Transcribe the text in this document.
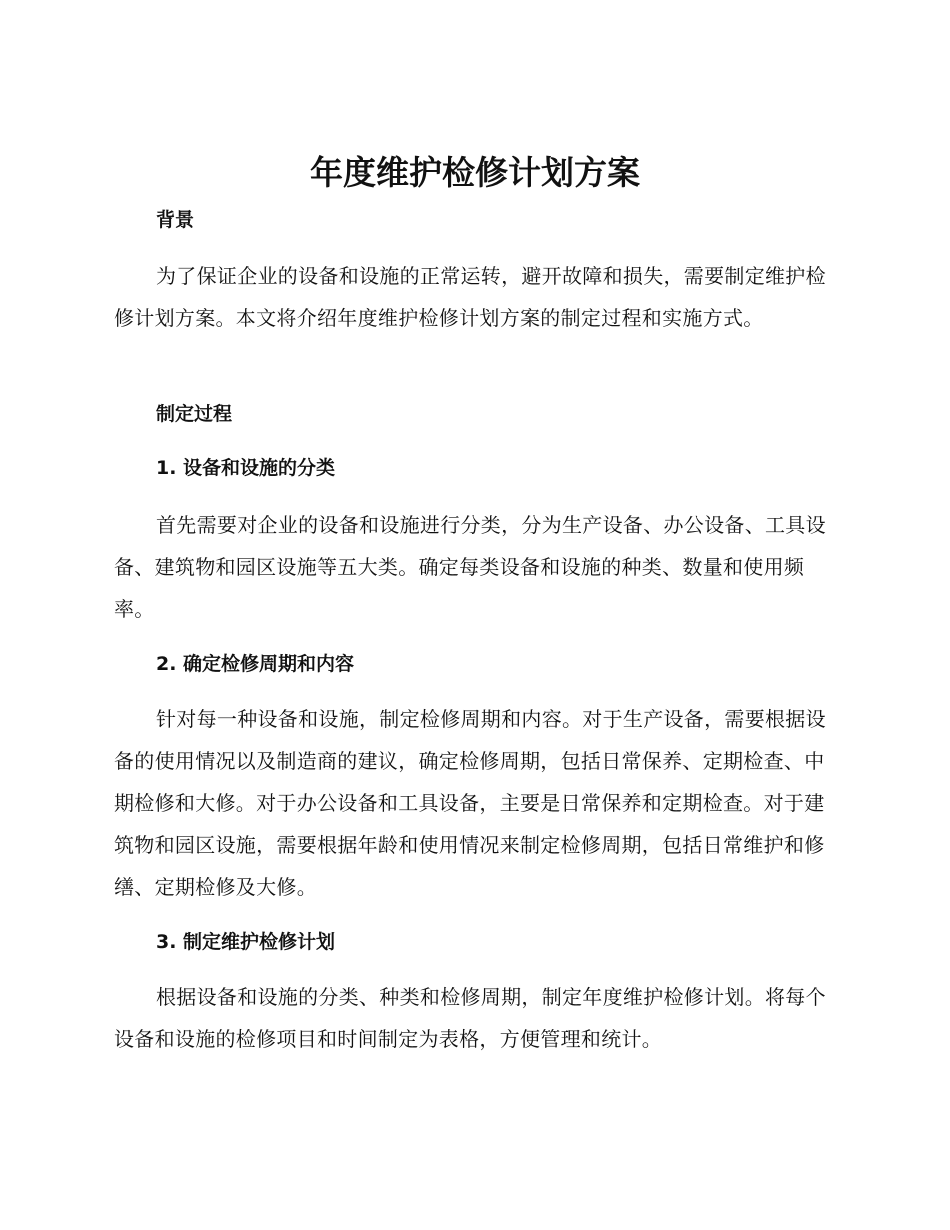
年度维护检修计划方案
背景

为了保证企业的设备和设施的正常运转，避开故障和损失，需要制定维护检修计划方案。本文将介绍年度维护检修计划方案的制定过程和实施方式。

制定过程
1. 设备和设施的分类

首先需要对企业的设备和设施进行分类，分为生产设备、办公设备、工具设备、建筑物和园区设施等五大类。确定每类设备和设施的种类、数量和使用频率。

2. 确定检修周期和内容

针对每一种设备和设施，制定检修周期和内容。对于生产设备，需要根据设备的使用情况以及制造商的建议，确定检修周期，包括日常保养、定期检查、中期检修和大修。对于办公设备和工具设备，主要是日常保养和定期检查。对于建筑物和园区设施，需要根据年龄和使用情况来制定检修周期，包括日常维护和修缮、定期检修及大修。

3. 制定维护检修计划

根据设备和设施的分类、种类和检修周期，制定年度维护检修计划。将每个设备和设施的检修项目和时间制定为表格，方便管理和统计。
